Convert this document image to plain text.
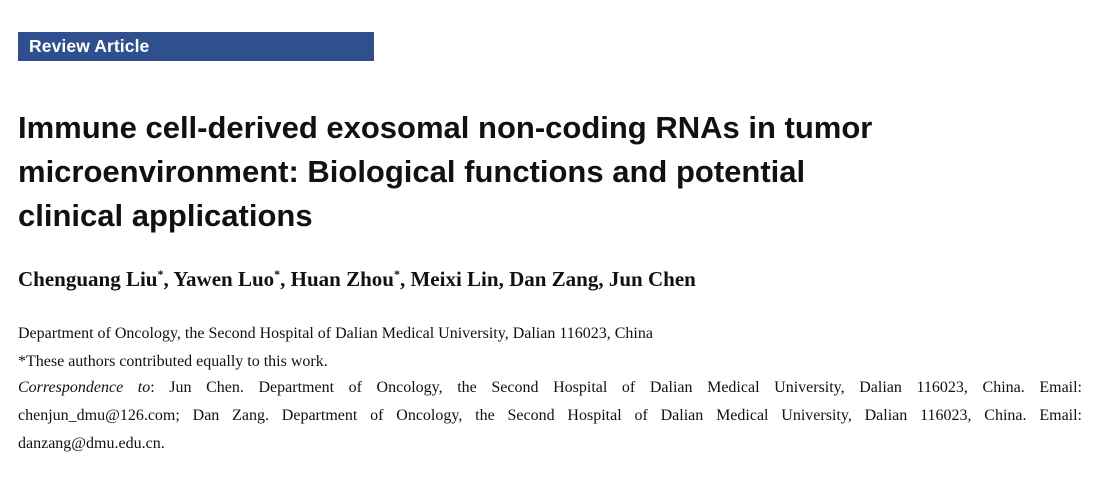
Review Article
Immune cell-derived exosomal non-coding RNAs in tumor
microenvironment: Biological functions and potential
clinical applications
Chenguang Liu*, Yawen Luo*, Huan Zhou*, Meixi Lin, Dan Zang, Jun Chen
Department of Oncology, the Second Hospital of Dalian Medical University, Dalian 116023, China
*These authors contributed equally to this work.
Correspondence to: Jun Chen. Department of Oncology, the Second Hospital of Dalian Medical University, Dalian 116023, China. Email:
chenjun_dmu@126.com; Dan Zang. Department of Oncology, the Second Hospital of Dalian Medical University, Dalian 116023, China. Email:
danzang@dmu.edu.cn.
